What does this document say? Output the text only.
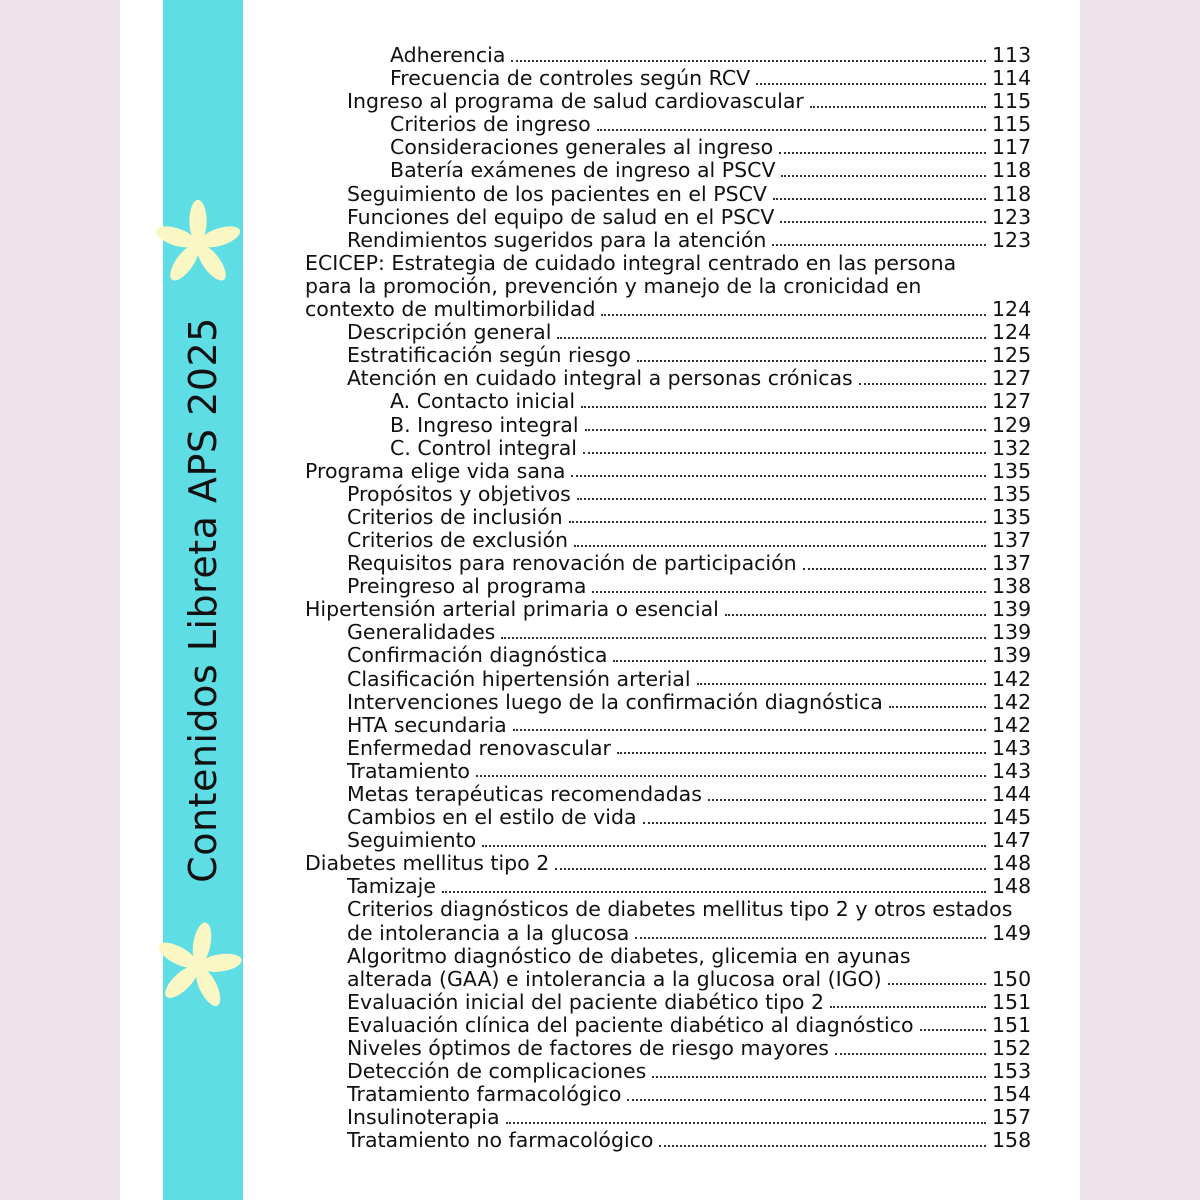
Contenidos Libreta APS 2025
Adherencia	113
Frecuencia de controles según RCV	114
Ingreso al programa de salud cardiovascular	115
Criterios de ingreso	115
Consideraciones generales al ingreso	117
Batería exámenes de ingreso al PSCV	118
Seguimiento de los pacientes en el PSCV	118
Funciones del equipo de salud en el PSCV	123
Rendimientos sugeridos para la atención	123
ECICEP: Estrategia de cuidado integral centrado en las persona
para la promoción, prevención y manejo de la cronicidad en
contexto de multimorbilidad	124
Descripción general	124
Estratificación según riesgo	125
Atención en cuidado integral a personas crónicas	127
A. Contacto inicial	127
B. Ingreso integral	129
C. Control integral	132
Programa elige vida sana	135
Propósitos y objetivos	135
Criterios de inclusión	135
Criterios de exclusión	137
Requisitos para renovación de participación	137
Preingreso al programa	138
Hipertensión arterial primaria o esencial	139
Generalidades	139
Confirmación diagnóstica	139
Clasificación hipertensión arterial	142
Intervenciones luego de la confirmación diagnóstica	142
HTA secundaria	142
Enfermedad renovascular	143
Tratamiento	143
Metas terapéuticas recomendadas	144
Cambios en el estilo de vida	145
Seguimiento	147
Diabetes mellitus tipo 2	148
Tamizaje	148
Criterios diagnósticos de diabetes mellitus tipo 2 y otros estados
de intolerancia a la glucosa	149
Algoritmo diagnóstico de diabetes, glicemia en ayunas
alterada (GAA) e intolerancia a la glucosa oral (IGO)	150
Evaluación inicial del paciente diabético tipo 2	151
Evaluación clínica del paciente diabético al diagnóstico	151
Niveles óptimos de factores de riesgo mayores	152
Detección de complicaciones	153
Tratamiento farmacológico	154
Insulinoterapia	157
Tratamiento no farmacológico	158
